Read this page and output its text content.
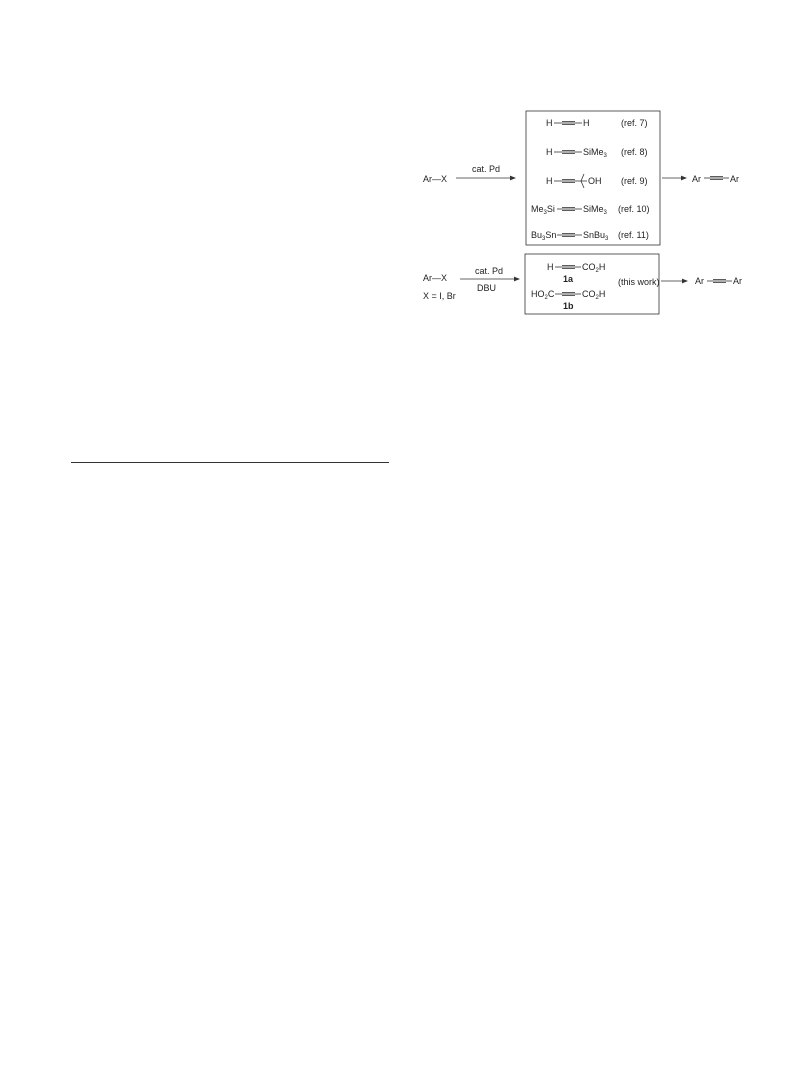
Ar—X
cat. Pd
H	H	(ref. 7)
H	SiMe$_3$ (ref. 8)
H	OH (ref. 9)
$Me_3Si$	SiMe$_3$ (ref. 10)
$Bu_3Sn$	SnBu$_3$ (ref. 11)
Ar	Ar
Ar—X
X = I, Br
cat. Pd
DBU
H	$CO_2H$
1a
$HO_2C$	$CO_2H$
1b
(this work)	Ar	Ar
